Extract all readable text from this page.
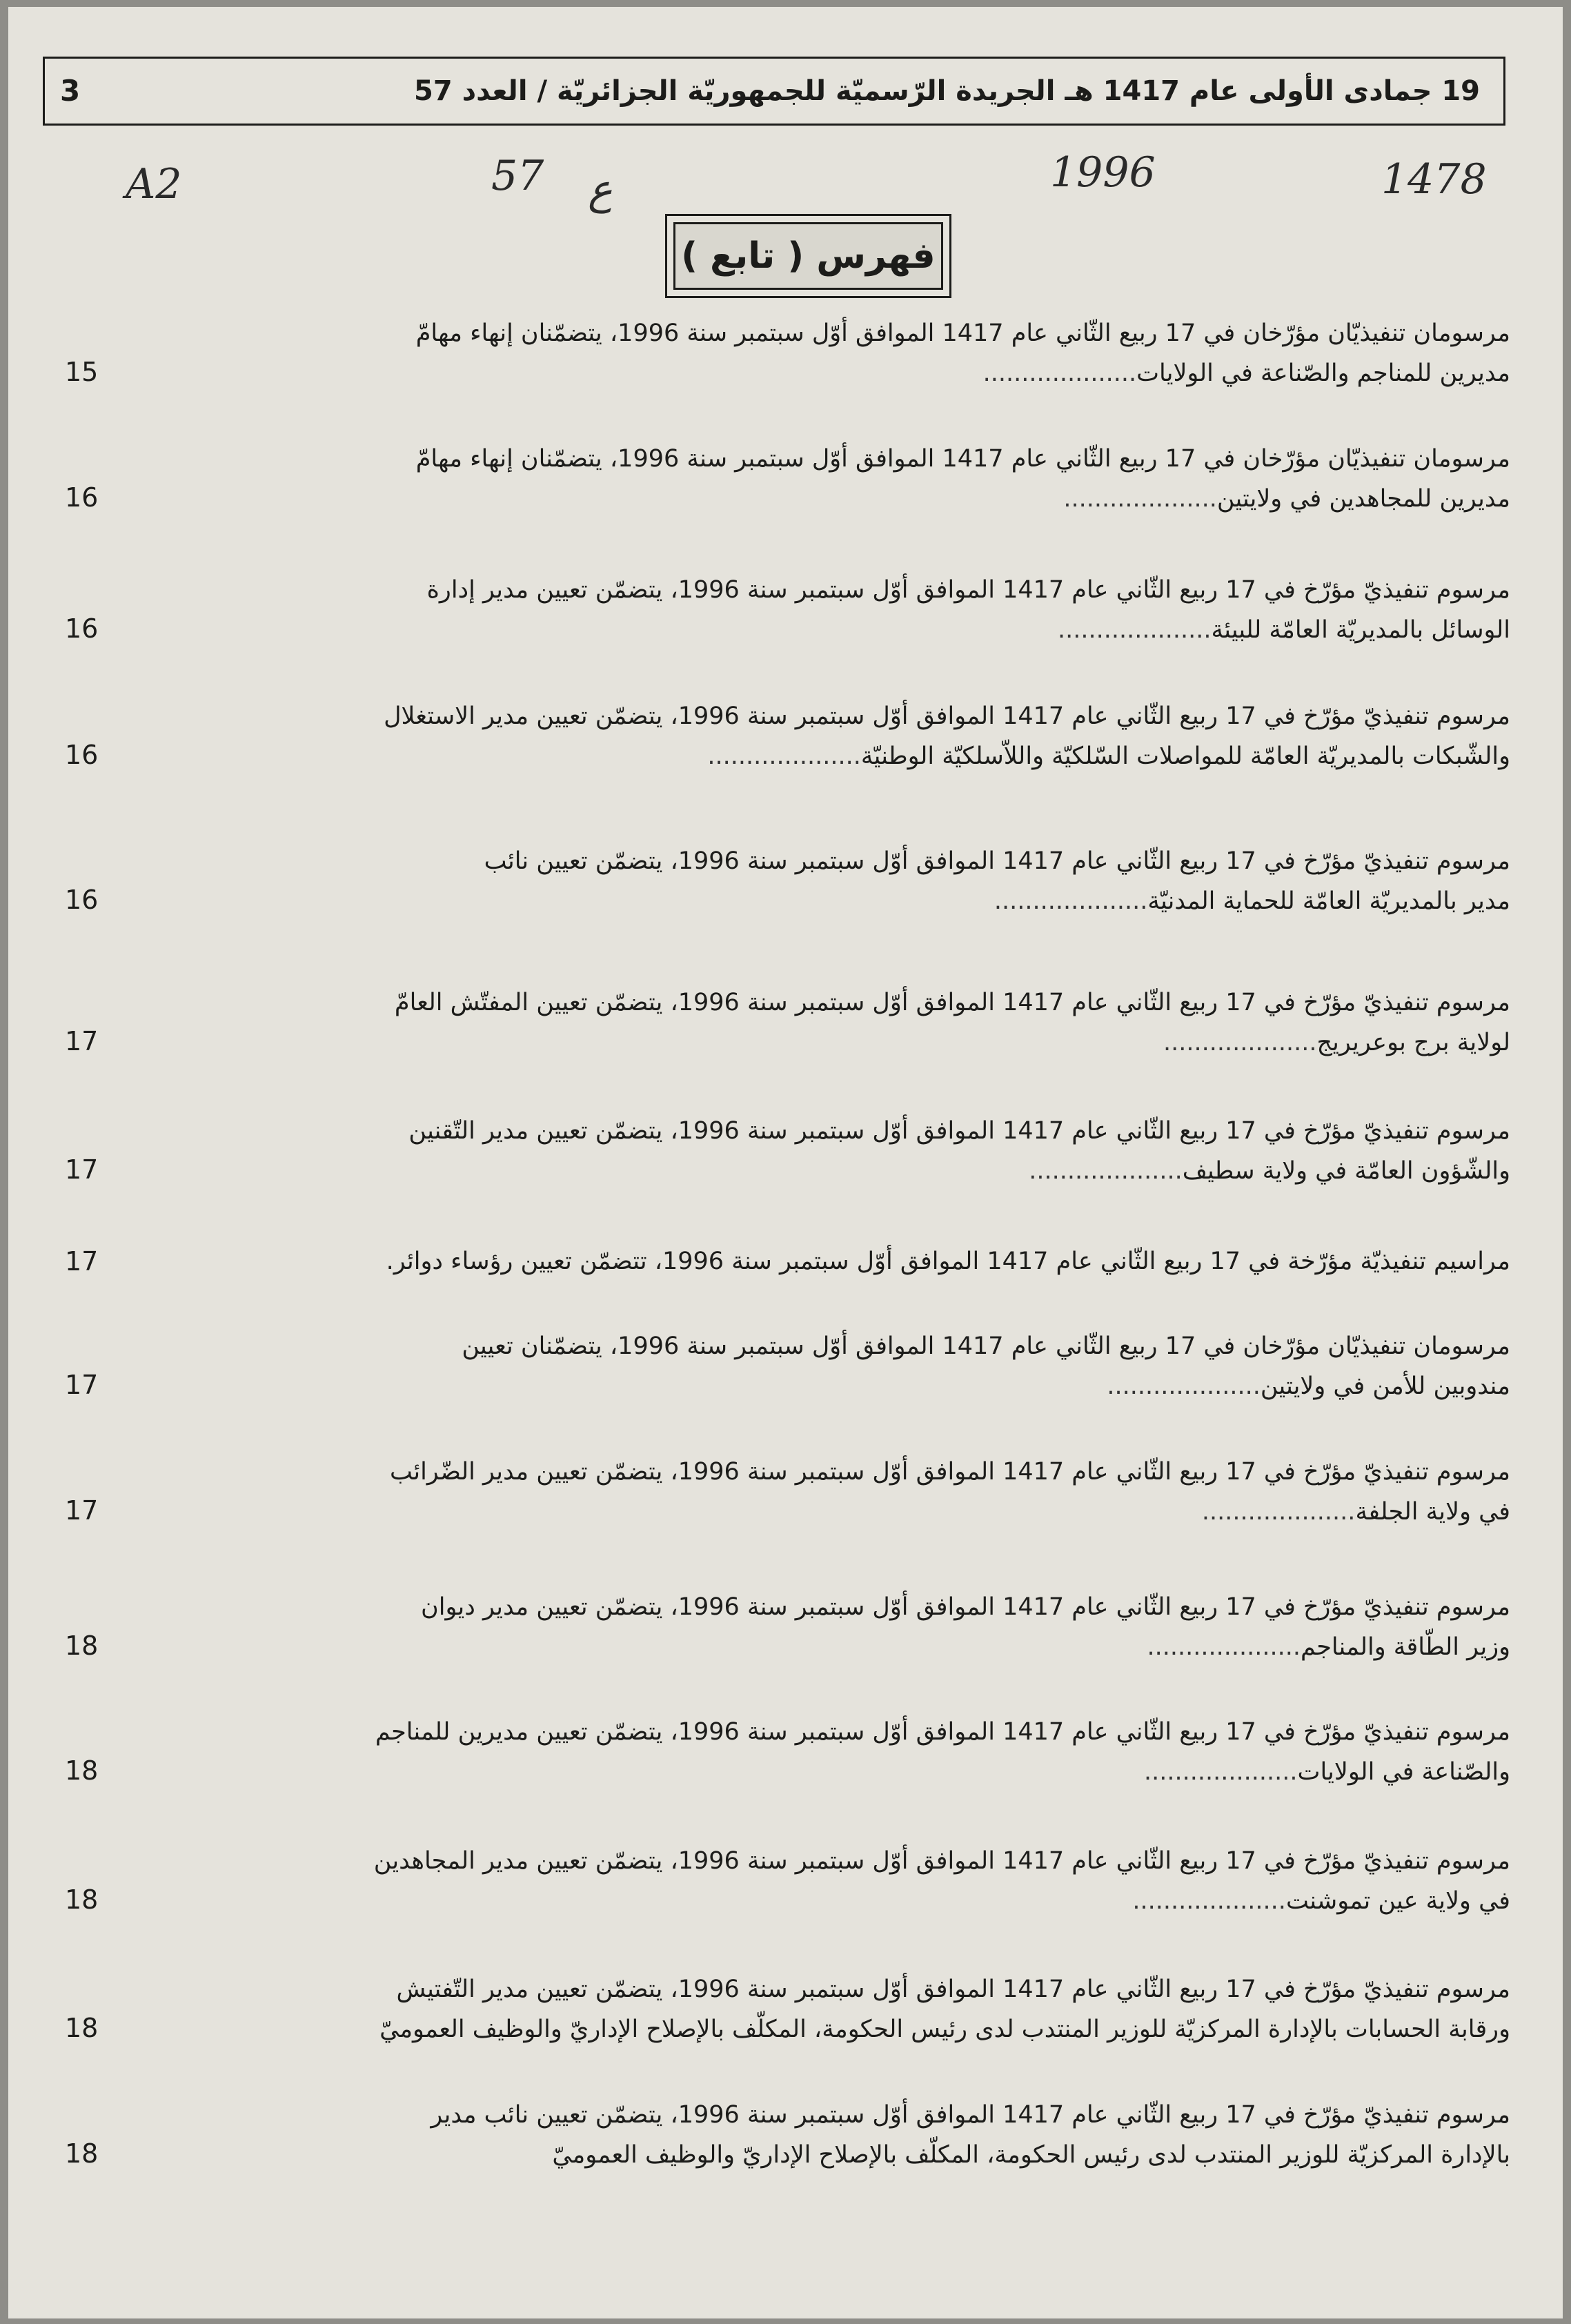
19 جمادى الأولى عام 1417 هـ الجريدة الرّسميّة للجمهوريّة الجزائريّة / العدد 57
3
A2	57 ع	1996	1478
فهرس ( تابع )
مرسومان تنفيذيّان مؤرّخان في 17 ربيع الثّاني عام 1417 الموافق أوّل سبتمبر سنة 1996، يتضمّنان إنهاء مهامّ
مديرين للمناجم والصّناعة في الولايات....................
15
مرسومان تنفيذيّان مؤرّخان في 17 ربيع الثّاني عام 1417 الموافق أوّل سبتمبر سنة 1996، يتضمّنان إنهاء مهامّ
مديرين للمجاهدين في ولايتين....................
16
مرسوم تنفيذيّ مؤرّخ في 17 ربيع الثّاني عام 1417 الموافق أوّل سبتمبر سنة 1996، يتضمّن تعيين مدير إدارة
الوسائل بالمديريّة العامّة للبيئة....................
16
مرسوم تنفيذيّ مؤرّخ في 17 ربيع الثّاني عام 1417 الموافق أوّل سبتمبر سنة 1996، يتضمّن تعيين مدير الاستغلال
والشّبكات بالمديريّة العامّة للمواصلات السّلكيّة واللاّسلكيّة الوطنيّة....................
16
مرسوم تنفيذيّ مؤرّخ في 17 ربيع الثّاني عام 1417 الموافق أوّل سبتمبر سنة 1996، يتضمّن تعيين نائب
مدير بالمديريّة العامّة للحماية المدنيّة....................
16
مرسوم تنفيذيّ مؤرّخ في 17 ربيع الثّاني عام 1417 الموافق أوّل سبتمبر سنة 1996، يتضمّن تعيين المفتّش العامّ
لولاية برج بوعريريج....................
17
مرسوم تنفيذيّ مؤرّخ في 17 ربيع الثّاني عام 1417 الموافق أوّل سبتمبر سنة 1996، يتضمّن تعيين مدير التّقنين
والشّؤون العامّة في ولاية سطيف....................
17
مراسيم تنفيذيّة مؤرّخة في 17 ربيع الثّاني عام 1417 الموافق أوّل سبتمبر سنة 1996، تتضمّن تعيين رؤساء دوائر.
17
مرسومان تنفيذيّان مؤرّخان في 17 ربيع الثّاني عام 1417 الموافق أوّل سبتمبر سنة 1996، يتضمّنان تعيين
مندوبين للأمن في ولايتين....................
17
مرسوم تنفيذيّ مؤرّخ في 17 ربيع الثّاني عام 1417 الموافق أوّل سبتمبر سنة 1996، يتضمّن تعيين مدير الضّرائب
في ولاية الجلفة....................
17
مرسوم تنفيذيّ مؤرّخ في 17 ربيع الثّاني عام 1417 الموافق أوّل سبتمبر سنة 1996، يتضمّن تعيين مدير ديوان
وزير الطّاقة والمناجم....................
18
مرسوم تنفيذيّ مؤرّخ في 17 ربيع الثّاني عام 1417 الموافق أوّل سبتمبر سنة 1996، يتضمّن تعيين مديرين للمناجم
والصّناعة في الولايات....................
18
مرسوم تنفيذيّ مؤرّخ في 17 ربيع الثّاني عام 1417 الموافق أوّل سبتمبر سنة 1996، يتضمّن تعيين مدير المجاهدين
في ولاية عين تموشنت....................
18
مرسوم تنفيذيّ مؤرّخ في 17 ربيع الثّاني عام 1417 الموافق أوّل سبتمبر سنة 1996، يتضمّن تعيين مدير التّفتيش
ورقابة الحسابات بالإدارة المركزيّة للوزير المنتدب لدى رئيس الحكومة، المكلّف بالإصلاح الإداريّ والوظيف العموميّ
18
مرسوم تنفيذيّ مؤرّخ في 17 ربيع الثّاني عام 1417 الموافق أوّل سبتمبر سنة 1996، يتضمّن تعيين نائب مدير
بالإدارة المركزيّة للوزير المنتدب لدى رئيس الحكومة، المكلّف بالإصلاح الإداريّ والوظيف العموميّ
18
